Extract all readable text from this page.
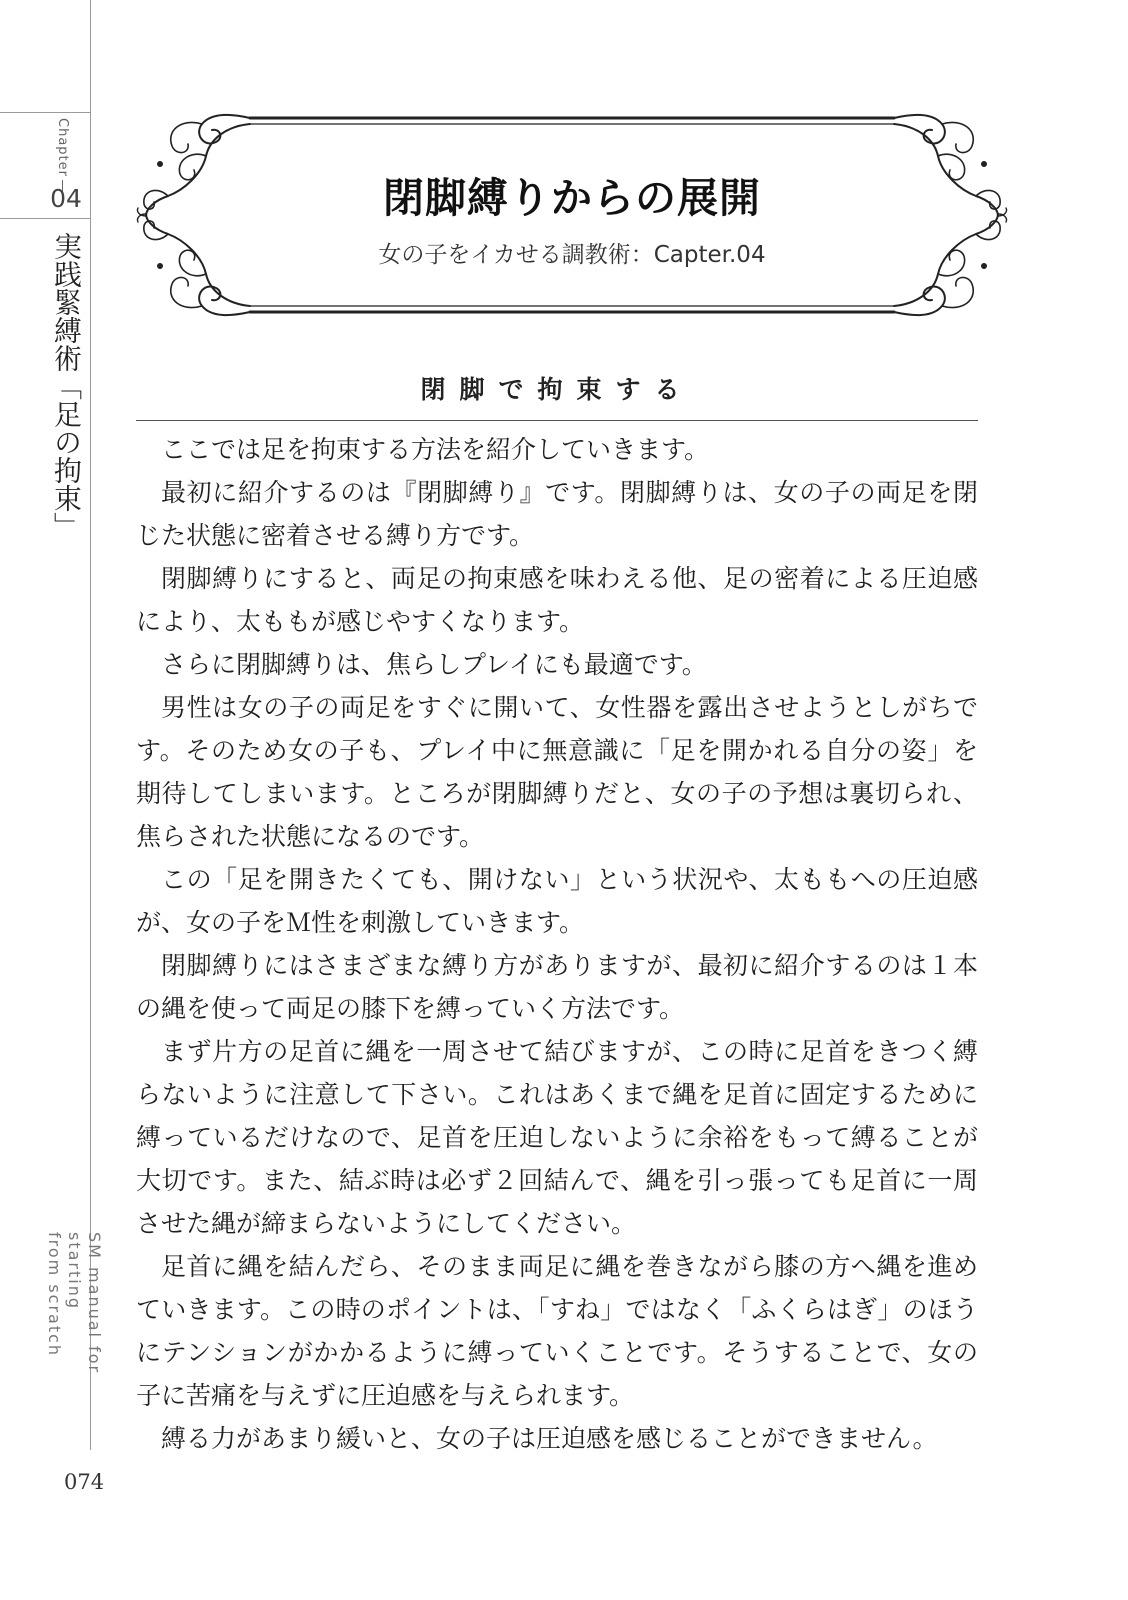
Chapter
04
実践緊縛術「足の拘束」
SM manual for starting
from scratch
074
閉脚縛りからの展開
女の子をイカせる調教術：Capter.04
閉脚で拘束する

ここでは足を拘束する方法を紹介していきます。

最初に紹介するのは『閉脚縛り』です。閉脚縛りは、女の子の両足を閉じた状態に密着させる縛り方です。

閉脚縛りにすると、両足の拘束感を味わえる他、足の密着による圧迫感により、太ももが感じやすくなります。

さらに閉脚縛りは、焦らしプレイにも最適です。

男性は女の子の両足をすぐに開いて、女性器を露出させようとしがちです。そのため女の子も、プレイ中に無意識に「足を開かれる自分の姿」を期待してしまいます。ところが閉脚縛りだと、女の子の予想は裏切られ、焦らされた状態になるのです。

この「足を開きたくても、開けない」という状況や、太ももへの圧迫感が、女の子をＭ性を刺激していきます。

閉脚縛りにはさまざまな縛り方がありますが、最初に紹介するのは１本の縄を使って両足の膝下を縛っていく方法です。

まず片方の足首に縄を一周させて結びますが、この時に足首をきつく縛らないように注意して下さい。これはあくまで縄を足首に固定するために縛っているだけなので、足首を圧迫しないように余裕をもって縛ることが大切です。また、結ぶ時は必ず２回結んで、縄を引っ張っても足首に一周させた縄が締まらないようにしてください。

足首に縄を結んだら、そのまま両足に縄を巻きながら膝の方へ縄を進めていきます。この時のポイントは、「すね」ではなく「ふくらはぎ」のほうにテンションがかかるように縛っていくことです。そうすることで、女の子に苦痛を与えずに圧迫感を与えられます。

縛る力があまり緩いと、女の子は圧迫感を感じることができません。
